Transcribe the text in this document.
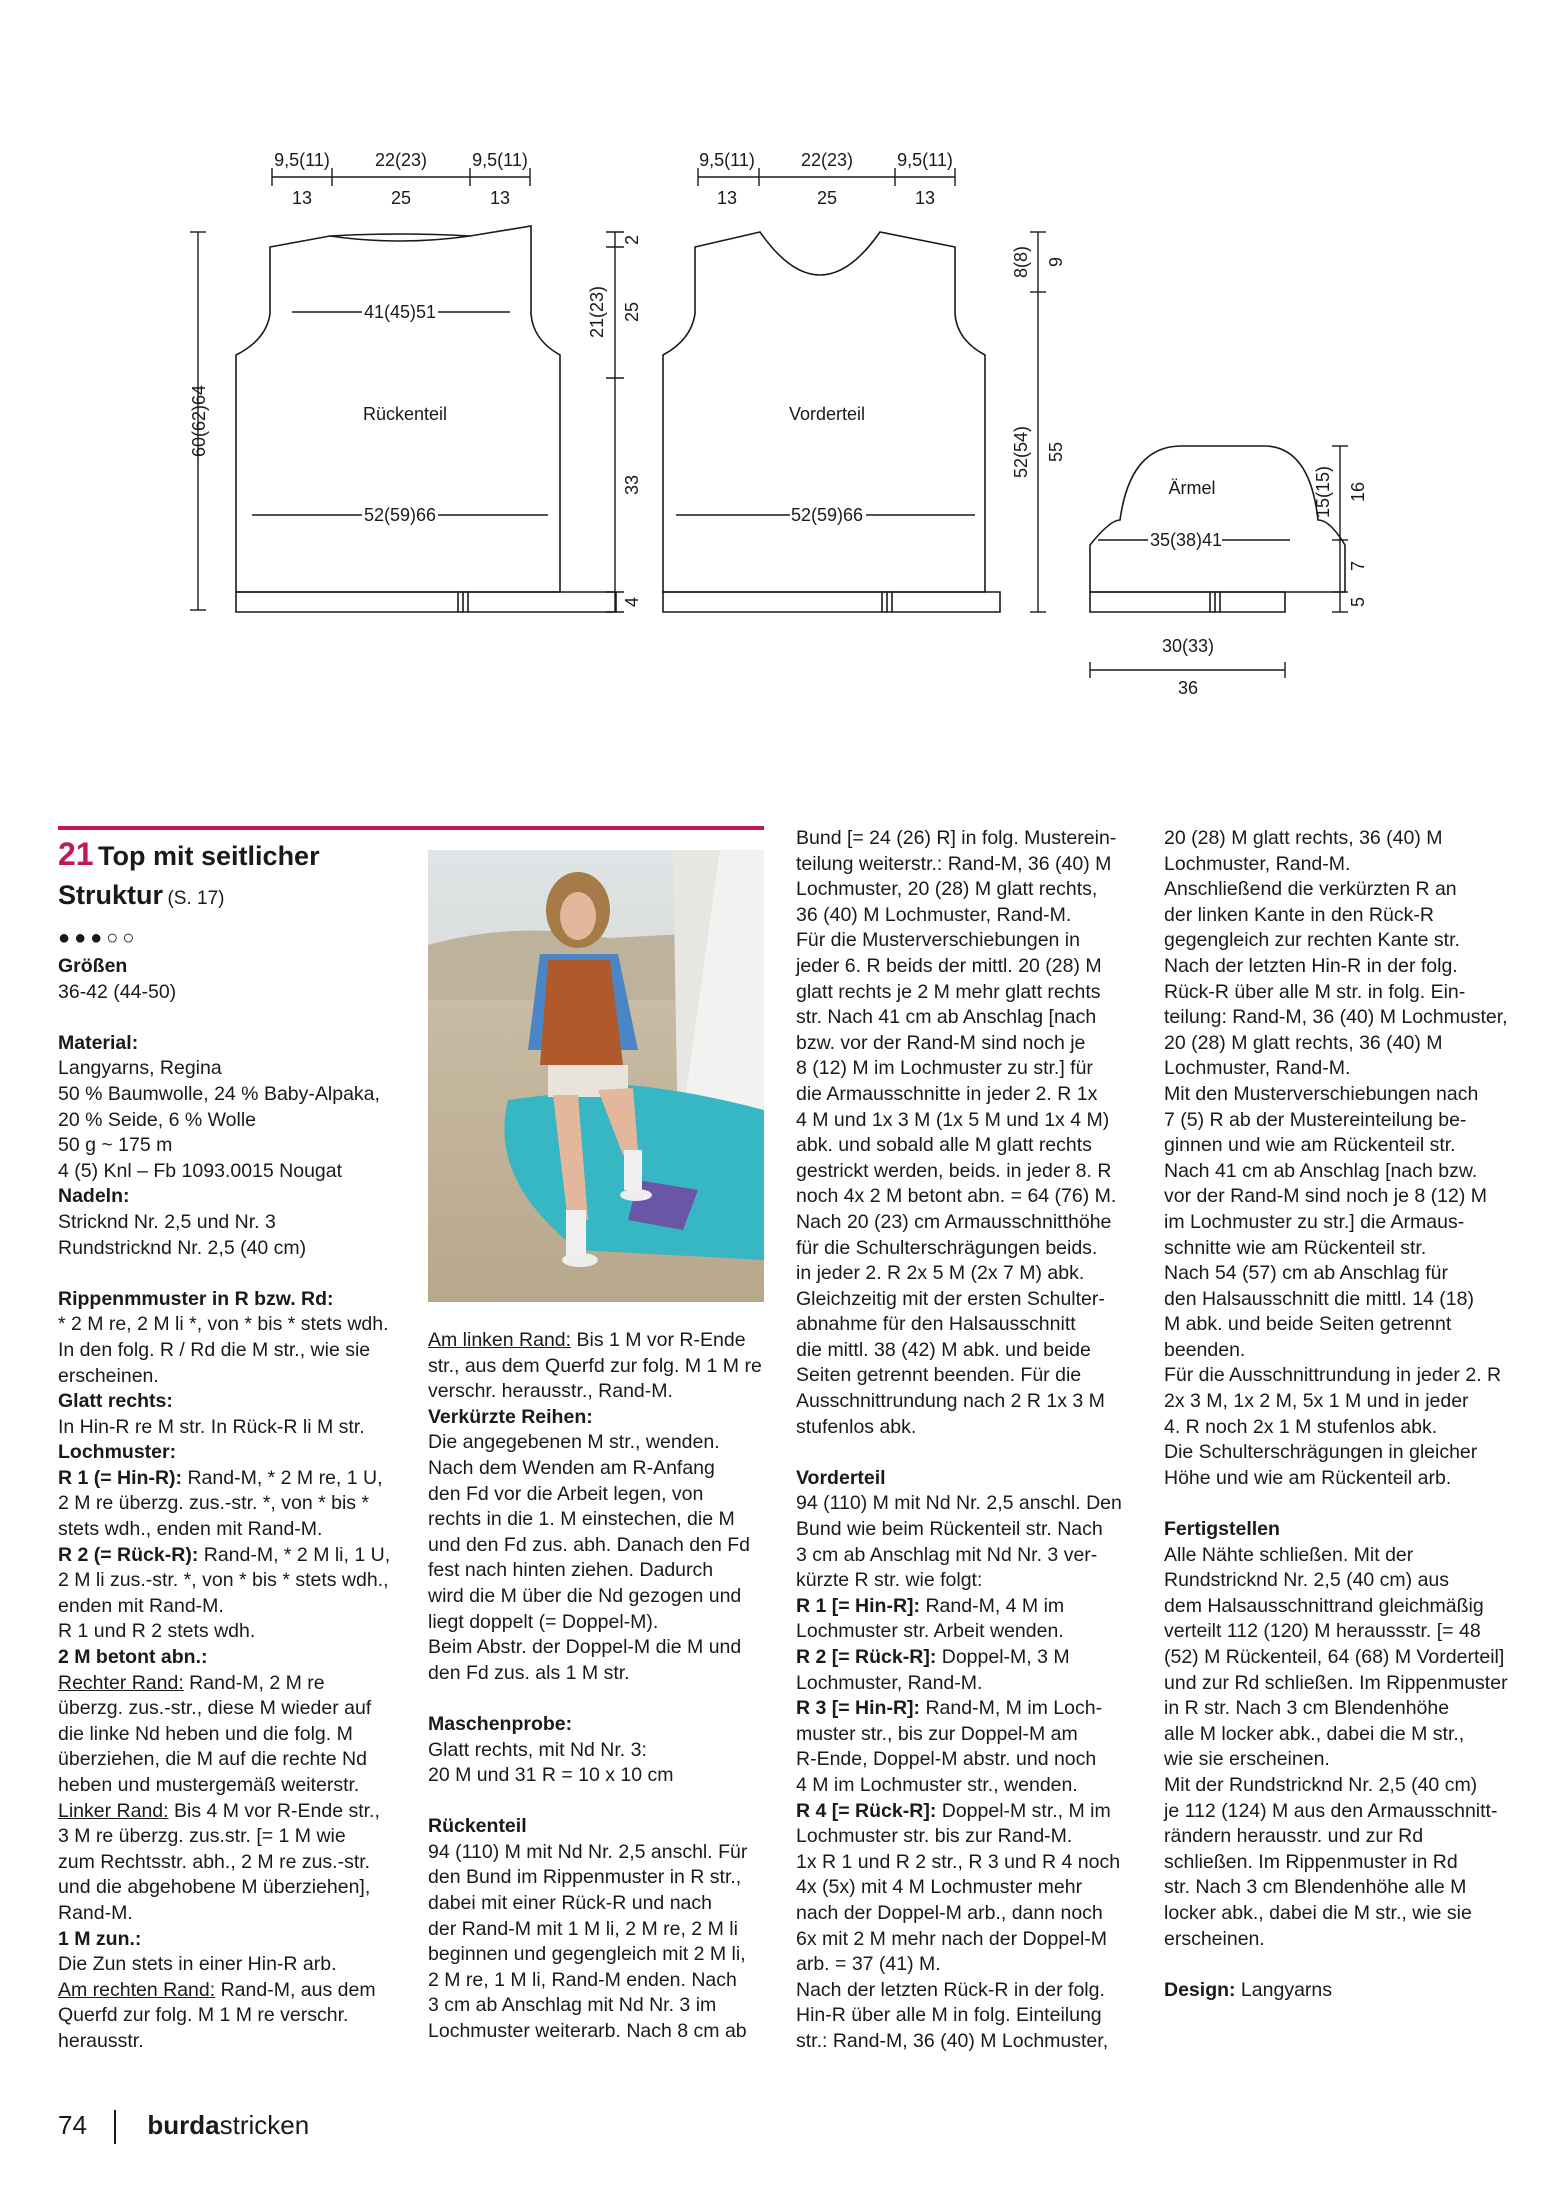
9,5(11)	22(23)	9,5(11)
13	25	13
9,5(11)	22(23) 9,5(11)
13	25	13
41(45)51
Rückenteil
52(59)66
Vorderteil
52(59)66
Ärmel
35(38)41
30(33)
36
60(62)64
21(23) 25
2
33
4
8(8) 9
52(54) 55
15(15) 16
7
5
21 Top mit seitlicher
Struktur (S. 17)
●●●○○

Größen

36-42 (44-50)

Material:

Langyarns, Regina

50 % Baumwolle, 24 % Baby-Alpaka,

20 % Seide, 6 % Wolle

50 g ~ 175 m

4 (5) Knl – Fb 1093.0015 Nougat

Nadeln:

Stricknd Nr. 2,5 und Nr. 3

Rundstricknd Nr. 2,5 (40 cm)

Rippenmmuster in R bzw. Rd:

* 2 M re, 2 M li *, von * bis * stets wdh.

In den folg. R / Rd die M str., wie sie

erscheinen.

Glatt rechts:

In Hin-R re M str. In Rück-R li M str.

Lochmuster:

R 1 (= Hin-R): Rand-M, * 2 M re, 1 U,

2 M re überzg. zus.-str. *, von * bis *

stets wdh., enden mit Rand-M.

R 2 (= Rück-R): Rand-M, * 2 M li, 1 U,

2 M li zus.-str. *, von * bis * stets wdh.,

enden mit Rand-M.

R 1 und R 2 stets wdh.

2 M betont abn.:

Rechter Rand: Rand-M, 2 M re

überzg. zus.-str., diese M wieder auf

die linke Nd heben und die folg. M

überziehen, die M auf die rechte Nd

heben und mustergemäß weiterstr.

Linker Rand: Bis 4 M vor R-Ende str.,

3 M re überzg. zus.str. [= 1 M wie

zum Rechtsstr. abh., 2 M re zus.-str.

und die abgehobene M überziehen],

Rand-M.

1 M zun.:

Die Zun stets in einer Hin-R arb.

Am rechten Rand: Rand-M, aus dem

Querfd zur folg. M 1 M re verschr.

herausstr.

Am linken Rand: Bis 1 M vor R-Ende

str., aus dem Querfd zur folg. M 1 M re

verschr. herausstr., Rand-M.

Verkürzte Reihen:

Die angegebenen M str., wenden.

Nach dem Wenden am R-Anfang

den Fd vor die Arbeit legen, von

rechts in die 1. M einstechen, die M

und den Fd zus. abh. Danach den Fd

fest nach hinten ziehen. Dadurch

wird die M über die Nd gezogen und

liegt doppelt (= Doppel-M).

Beim Abstr. der Doppel-M die M und

den Fd zus. als 1 M str.

Maschenprobe:

Glatt rechts, mit Nd Nr. 3:

20 M und 31 R = 10 x 10 cm

Rückenteil

94 (110) M mit Nd Nr. 2,5 anschl. Für

den Bund im Rippenmuster in R str.,

dabei mit einer Rück-R und nach

der Rand-M mit 1 M li, 2 M re, 2 M li

beginnen und gegengleich mit 2 M li,

2 M re, 1 M li, Rand-M enden. Nach

3 cm ab Anschlag mit Nd Nr. 3 im

Lochmuster weiterarb. Nach 8 cm ab

Bund [= 24 (26) R] in folg. Musterein-

teilung weiterstr.: Rand-M, 36 (40) M

Lochmuster, 20 (28) M glatt rechts,

36 (40) M Lochmuster, Rand-M.

Für die Musterverschiebungen in

jeder 6. R beids der mittl. 20 (28) M

glatt rechts je 2 M mehr glatt rechts

str. Nach 41 cm ab Anschlag [nach

bzw. vor der Rand-M sind noch je

8 (12) M im Lochmuster zu str.] für

die Armausschnitte in jeder 2. R 1x

4 M und 1x 3 M (1x 5 M und 1x 4 M)

abk. und sobald alle M glatt rechts

gestrickt werden, beids. in jeder 8. R

noch 4x 2 M betont abn. = 64 (76) M.

Nach 20 (23) cm Armausschnitthöhe

für die Schulterschrägungen beids.

in jeder 2. R 2x 5 M (2x 7 M) abk.

Gleichzeitig mit der ersten Schulter-

abnahme für den Halsausschnitt

die mittl. 38 (42) M abk. und beide

Seiten getrennt beenden. Für die

Ausschnittrundung nach 2 R 1x 3 M

stufenlos abk.

Vorderteil

94 (110) M mit Nd Nr. 2,5 anschl. Den

Bund wie beim Rückenteil str. Nach

3 cm ab Anschlag mit Nd Nr. 3 ver-

kürzte R str. wie folgt:

R 1 [= Hin-R]: Rand-M, 4 M im

Lochmuster str. Arbeit wenden.

R 2 [= Rück-R]: Doppel-M, 3 M

Lochmuster, Rand-M.

R 3 [= Hin-R]: Rand-M, M im Loch-

muster str., bis zur Doppel-M am

R-Ende, Doppel-M abstr. und noch

4 M im Lochmuster str., wenden.

R 4 [= Rück-R]: Doppel-M str., M im

Lochmuster str. bis zur Rand-M.

1x R 1 und R 2 str., R 3 und R 4 noch

4x (5x) mit 4 M Lochmuster mehr

nach der Doppel-M arb., dann noch

6x mit 2 M mehr nach der Doppel-M

arb. = 37 (41) M.

Nach der letzten Rück-R in der folg.

Hin-R über alle M in folg. Einteilung

str.: Rand-M, 36 (40) M Lochmuster,

20 (28) M glatt rechts, 36 (40) M

Lochmuster, Rand-M.

Anschließend die verkürzten R an

der linken Kante in den Rück-R

gegengleich zur rechten Kante str.

Nach der letzten Hin-R in der folg.

Rück-R über alle M str. in folg. Ein-

teilung: Rand-M, 36 (40) M Lochmuster,

20 (28) M glatt rechts, 36 (40) M

Lochmuster, Rand-M.

Mit den Musterverschiebungen nach

7 (5) R ab der Mustereinteilung be-

ginnen und wie am Rückenteil str.

Nach 41 cm ab Anschlag [nach bzw.

vor der Rand-M sind noch je 8 (12) M

im Lochmuster zu str.] die Armaus-

schnitte wie am Rückenteil str.

Nach 54 (57) cm ab Anschlag für

den Halsausschnitt die mittl. 14 (18)

M abk. und beide Seiten getrennt

beenden.

Für die Ausschnittrundung in jeder 2. R

2x 3 M, 1x 2 M, 5x 1 M und in jeder

4. R noch 2x 1 M stufenlos abk.

Die Schulterschrägungen in gleicher

Höhe und wie am Rückenteil arb.

Fertigstellen

Alle Nähte schließen. Mit der

Rundstricknd Nr. 2,5 (40 cm) aus

dem Halsausschnittrand gleichmäßig

verteilt 112 (120) M heraussstr. [= 48

(52) M Rückenteil, 64 (68) M Vorderteil]

und zur Rd schließen. Im Rippenmuster

in R str. Nach 3 cm Blendenhöhe

alle M locker abk., dabei die M str.,

wie sie erscheinen.

Mit der Rundstricknd Nr. 2,5 (40 cm)

je 112 (124) M aus den Armausschnitt-

rändern herausstr. und zur Rd

schließen. Im Rippenmuster in Rd

str. Nach 3 cm Blendenhöhe alle M

locker abk., dabei die M str., wie sie

erscheinen.

Design: Langyarns

74 burdastricken
